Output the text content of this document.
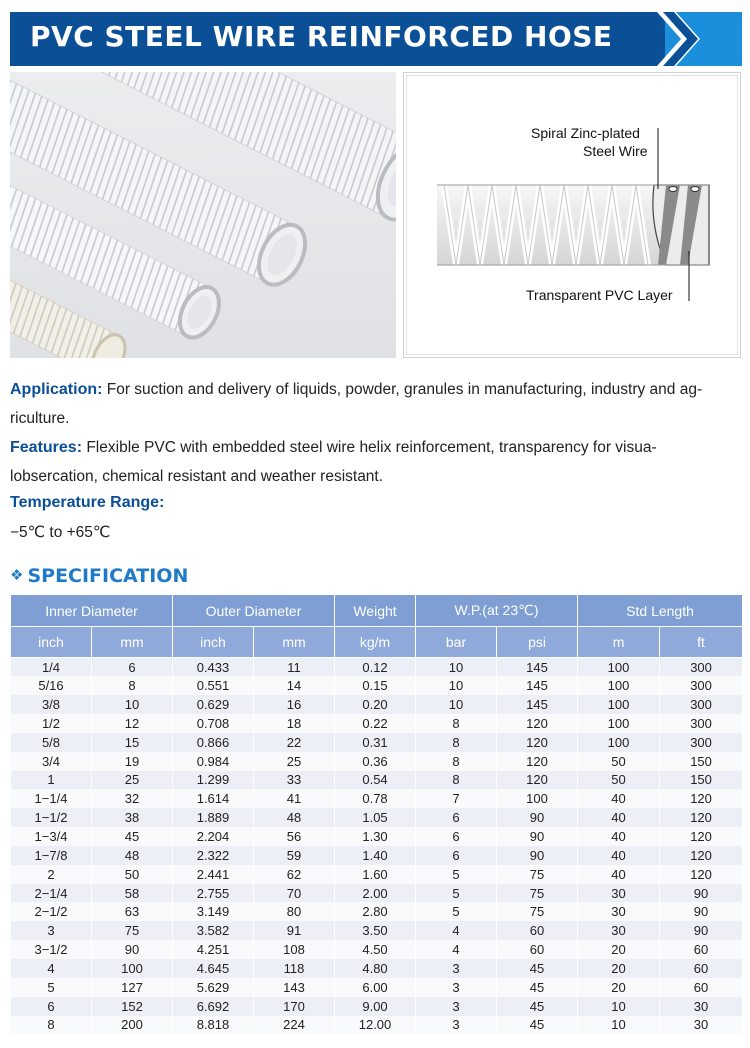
PVC STEEL WIRE REINFORCED HOSE
Spiral Zinc-plated
Steel Wire
Transparent PVC Layer
Application: For suction and delivery of liquids, powder, granules in manufacturing, industry and ag-riculture.
Features: Flexible PVC with embedded steel wire helix reinforcement, transparency for visua-lobsercation, chemical resistant and weather resistant.
Temperature Range:
−5℃ to +65℃
❖ SPECIFICATION
Inner Diameter		Outer Diameter		Weight	W.P.(at 23℃)		Std Length	
inch	mm	inch	mm	kg/m	bar	psi	m	ft
1/4	6	0.433	11	0.12	10	145	100	300
5/16	8	0.551	14	0.15	10	145	100	300
3/8	10	0.629	16	0.20	10	145	100	300
1/2	12	0.708	18	0.22	8	120	100	300
5/8	15	0.866	22	0.31	8	120	100	300
3/4	19	0.984	25	0.36	8	120	50	150
1	25	1.299	33	0.54	8	120	50	150
1−1/4	32	1.614	41	0.78	7	100	40	120
1−1/2	38	1.889	48	1.05	6	90	40	120
1−3/4	45	2.204	56	1.30	6	90	40	120
1−7/8	48	2.322	59	1.40	6	90	40	120
2	50	2.441	62	1.60	5	75	40	120
2−1/4	58	2.755	70	2.00	5	75	30	90
2−1/2	63	3.149	80	2.80	5	75	30	90
3	75	3.582	91	3.50	4	60	30	90
3−1/2	90	4.251	108	4.50	4	60	20	60
4	100	4.645	118	4.80	3	45	20	60
5	127	5.629	143	6.00	3	45	20	60
6	152	6.692	170	9.00	3	45	10	30
8	200	8.818	224	12.00	3	45	10	30
